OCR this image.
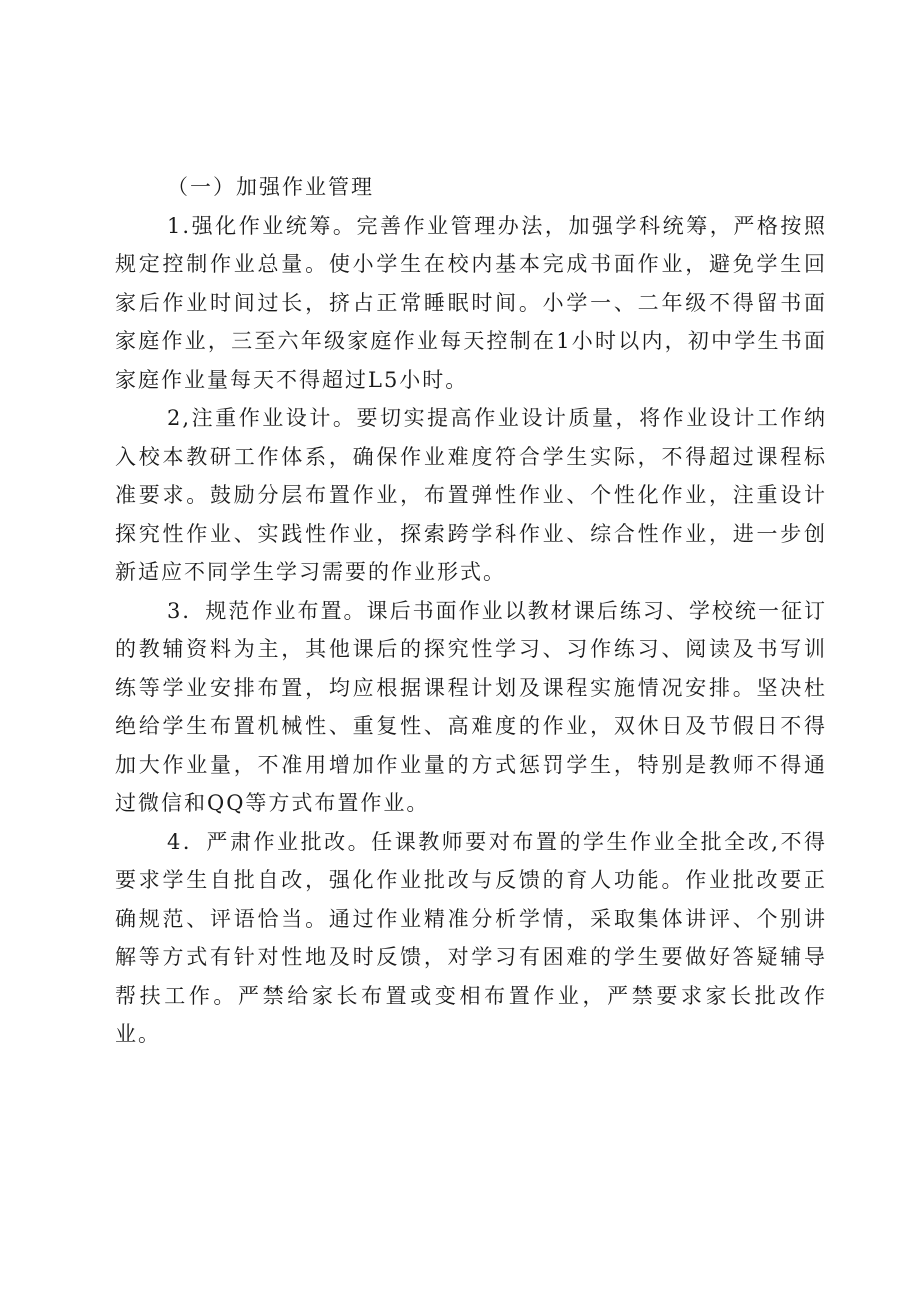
（一）加强作业管理

1.强化作业统筹。完善作业管理办法，加强学科统筹，严格按照规定控制作业总量。使小学生在校内基本完成书面作业，避免学生回家后作业时间过长，挤占正常睡眠时间。小学一、二年级不得留书面家庭作业，三至六年级家庭作业每天控制在1小时以内，初中学生书面家庭作业量每天不得超过L5小时。

2,注重作业设计。要切实提高作业设计质量，将作业设计工作纳入校本教研工作体系，确保作业难度符合学生实际，不得超过课程标准要求。鼓励分层布置作业，布置弹性作业、个性化作业，注重设计探究性作业、实践性作业，探索跨学科作业、综合性作业，进一步创新适应不同学生学习需要的作业形式。

3．规范作业布置。课后书面作业以教材课后练习、学校统一征订的教辅资料为主，其他课后的探究性学习、习作练习、阅读及书写训练等学业安排布置，均应根据课程计划及课程实施情况安排。坚决杜绝给学生布置机械性、重复性、高难度的作业，双休日及节假日不得加大作业量，不准用增加作业量的方式惩罚学生，特别是教师不得通过微信和QQ等方式布置作业。

4．严肃作业批改。任课教师要对布置的学生作业全批全改,不得要求学生自批自改，强化作业批改与反馈的育人功能。作业批改要正确规范、评语恰当。通过作业精准分析学情，采取集体讲评、个别讲解等方式有针对性地及时反馈，对学习有困难的学生要做好答疑辅导帮扶工作。严禁给家长布置或变相布置作业，严禁要求家长批改作业。
